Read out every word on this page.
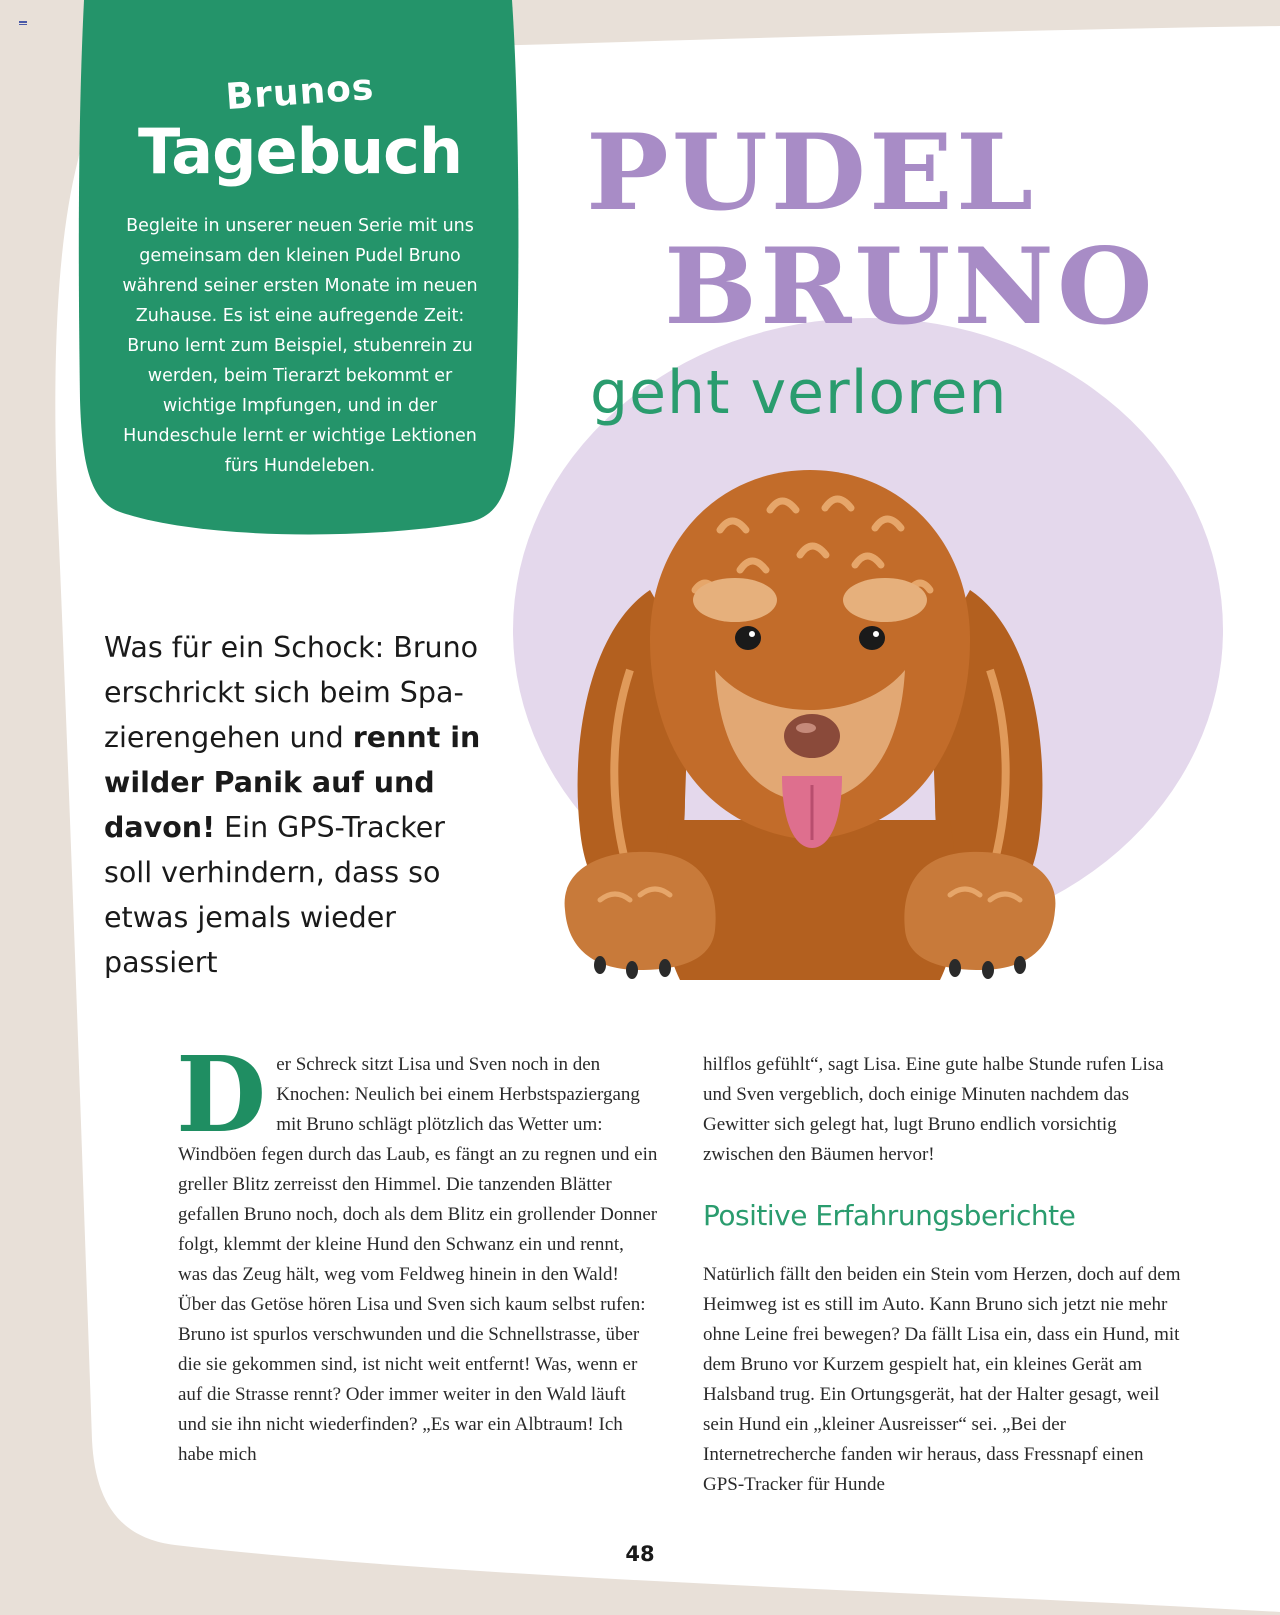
Brunos
Tagebuch
Begleite in unserer neuen Serie mit uns gemeinsam den kleinen Pudel Bruno während seiner ersten Monate im neuen Zuhause. Es ist eine aufregende Zeit: Bruno lernt zum Beispiel, stubenrein zu werden, beim Tierarzt bekommt er wichtige Impfungen, und in der Hundeschule lernt er wichtige Lektionen fürs Hundeleben.
PUDEL
BRUNO
geht verloren
Was für ein Schock: Bruno erschrickt sich beim Spazierengehen und rennt in wilder Panik auf und davon! Ein GPS-Tracker soll verhindern, dass so etwas jemals wieder passiert
D er Schreck sitzt Lisa und Sven noch in den Knochen: Neulich bei einem Herbstspaziergang mit Bruno schlägt plötzlich das Wetter um: Windböen fegen durch das Laub, es fängt an zu regnen und ein greller Blitz zerreisst den Himmel. Die tanzenden Blätter gefallen Bruno noch, doch als dem Blitz ein grollender Donner folgt, klemmt der kleine Hund den Schwanz ein und rennt, was das Zeug hält, weg vom Feldweg hinein in den Wald!

Über das Getöse hören Lisa und Sven sich kaum selbst rufen: Bruno ist spurlos verschwunden und die Schnellstrasse, über die sie gekommen sind, ist nicht weit entfernt! Was, wenn er auf die Strasse rennt? Oder immer weiter in den Wald läuft und sie ihn nicht wiederfinden? „Es war ein Albtraum! Ich habe mich

hilflos gefühlt“, sagt Lisa. Eine gute halbe Stunde rufen Lisa und Sven vergeblich, doch einige Minuten nachdem das Gewitter sich gelegt hat, lugt Bruno endlich vorsichtig zwischen den Bäumen hervor!

Positive Erfahrungsberichte

Natürlich fällt den beiden ein Stein vom Herzen, doch auf dem Heimweg ist es still im Auto. Kann Bruno sich jetzt nie mehr ohne Leine frei bewegen? Da fällt Lisa ein, dass ein Hund, mit dem Bruno vor Kurzem gespielt hat, ein kleines Gerät am Halsband trug. Ein Ortungsgerät, hat der Halter gesagt, weil sein Hund ein „kleiner Ausreisser“ sei. „Bei der Internetrecherche fanden wir heraus, dass Fressnapf einen GPS-Tracker für Hunde

48
